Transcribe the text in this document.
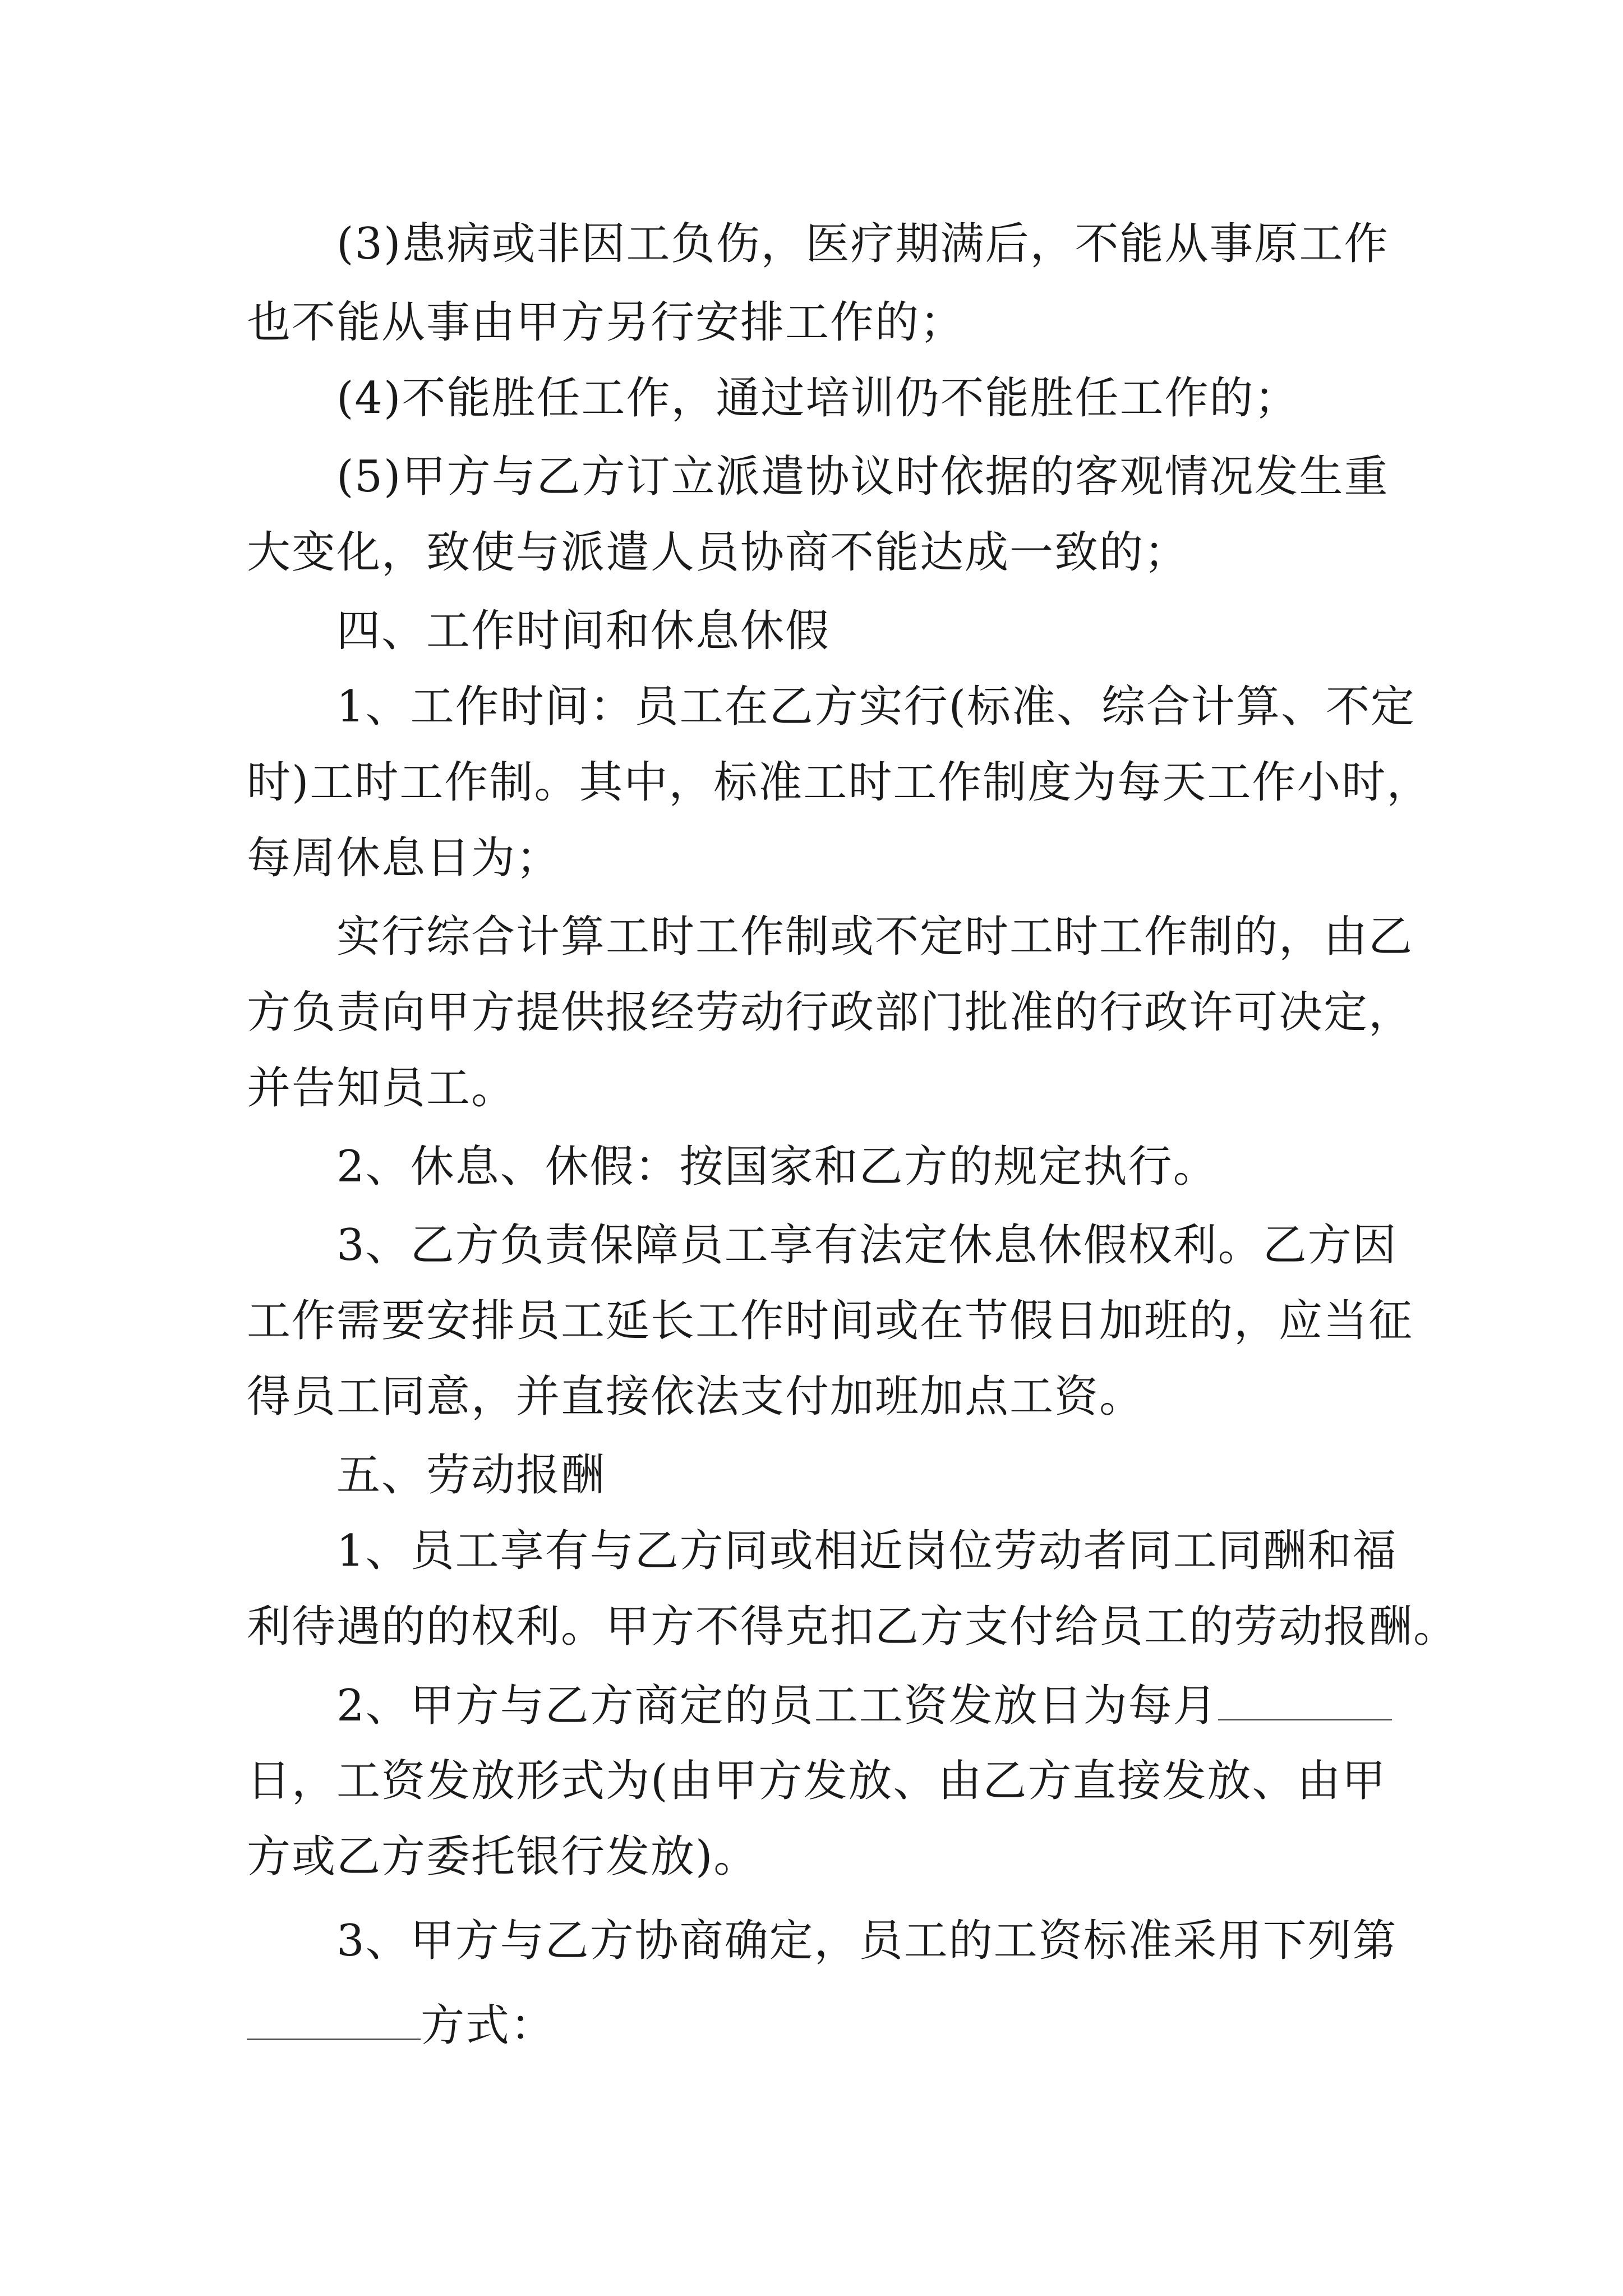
(3)患病或非因工负伤，医疗期满后，不能从事原工作
也不能从事由甲方另行安排工作的；
(4)不能胜任工作，通过培训仍不能胜任工作的；
(5)甲方与乙方订立派遣协议时依据的客观情况发生重
大变化，致使与派遣人员协商不能达成一致的；
四、工作时间和休息休假
1、工作时间：员工在乙方实行(标准、综合计算、不定
时)工时工作制。其中，标准工时工作制度为每天工作小时，
每周休息日为；
实行综合计算工时工作制或不定时工时工作制的，由乙
方负责向甲方提供报经劳动行政部门批准的行政许可决定，
并告知员工。
2、休息、休假：按国家和乙方的规定执行。
3、乙方负责保障员工享有法定休息休假权利。乙方因
工作需要安排员工延长工作时间或在节假日加班的，应当征
得员工同意，并直接依法支付加班加点工资。
五、劳动报酬
1、员工享有与乙方同或相近岗位劳动者同工同酬和福
利待遇的的权利。甲方不得克扣乙方支付给员工的劳动报酬。
2、甲方与乙方商定的员工工资发放日为每月
日，工资发放形式为(由甲方发放、由乙方直接发放、由甲
方或乙方委托银行发放)。
3、甲方与乙方协商确定，员工的工资标准采用下列第
方式：
